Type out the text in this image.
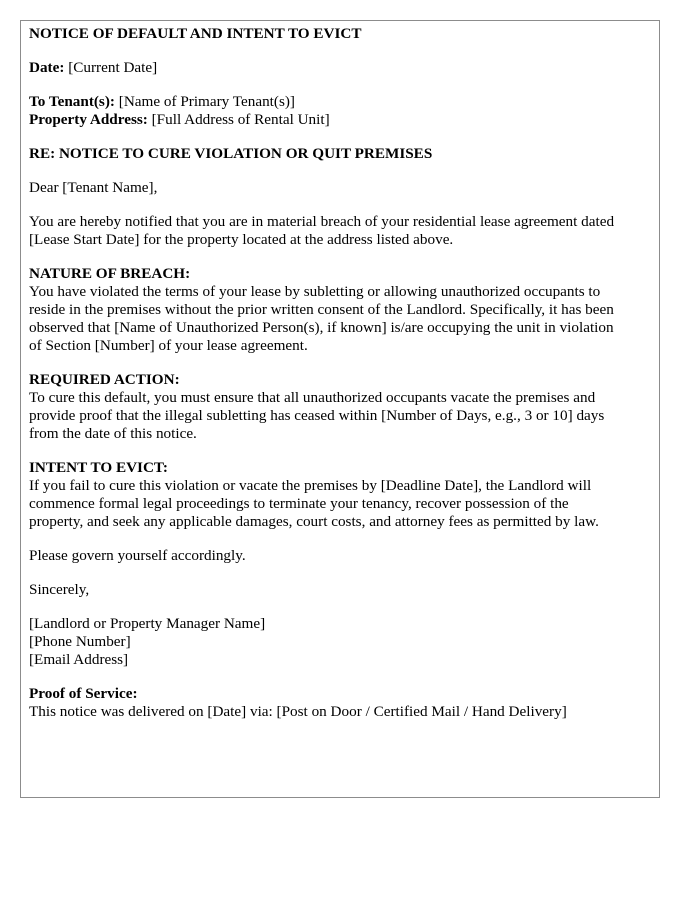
NOTICE OF DEFAULT AND INTENT TO EVICT

Date: [Current Date]

To Tenant(s): [Name of Primary Tenant(s)]
Property Address: [Full Address of Rental Unit]

RE: NOTICE TO CURE VIOLATION OR QUIT PREMISES

Dear [Tenant Name],

You are hereby notified that you are in material breach of your residential lease agreement dated [Lease Start Date] for the property located at the address listed above.

NATURE OF BREACH:
You have violated the terms of your lease by subletting or allowing unauthorized occupants to reside in the premises without the prior written consent of the Landlord. Specifically, it has been observed that [Name of Unauthorized Person(s), if known] is/are occupying the unit in violation of Section [Number] of your lease agreement.

REQUIRED ACTION:
To cure this default, you must ensure that all unauthorized occupants vacate the premises and provide proof that the illegal subletting has ceased within [Number of Days, e.g., 3 or 10] days from the date of this notice.

INTENT TO EVICT:
If you fail to cure this violation or vacate the premises by [Deadline Date], the Landlord will commence formal legal proceedings to terminate your tenancy, recover possession of the property, and seek any applicable damages, court costs, and attorney fees as permitted by law.

Please govern yourself accordingly.

Sincerely,

[Landlord or Property Manager Name]
[Phone Number]
[Email Address]

Proof of Service:
This notice was delivered on [Date] via: [Post on Door / Certified Mail / Hand Delivery]
